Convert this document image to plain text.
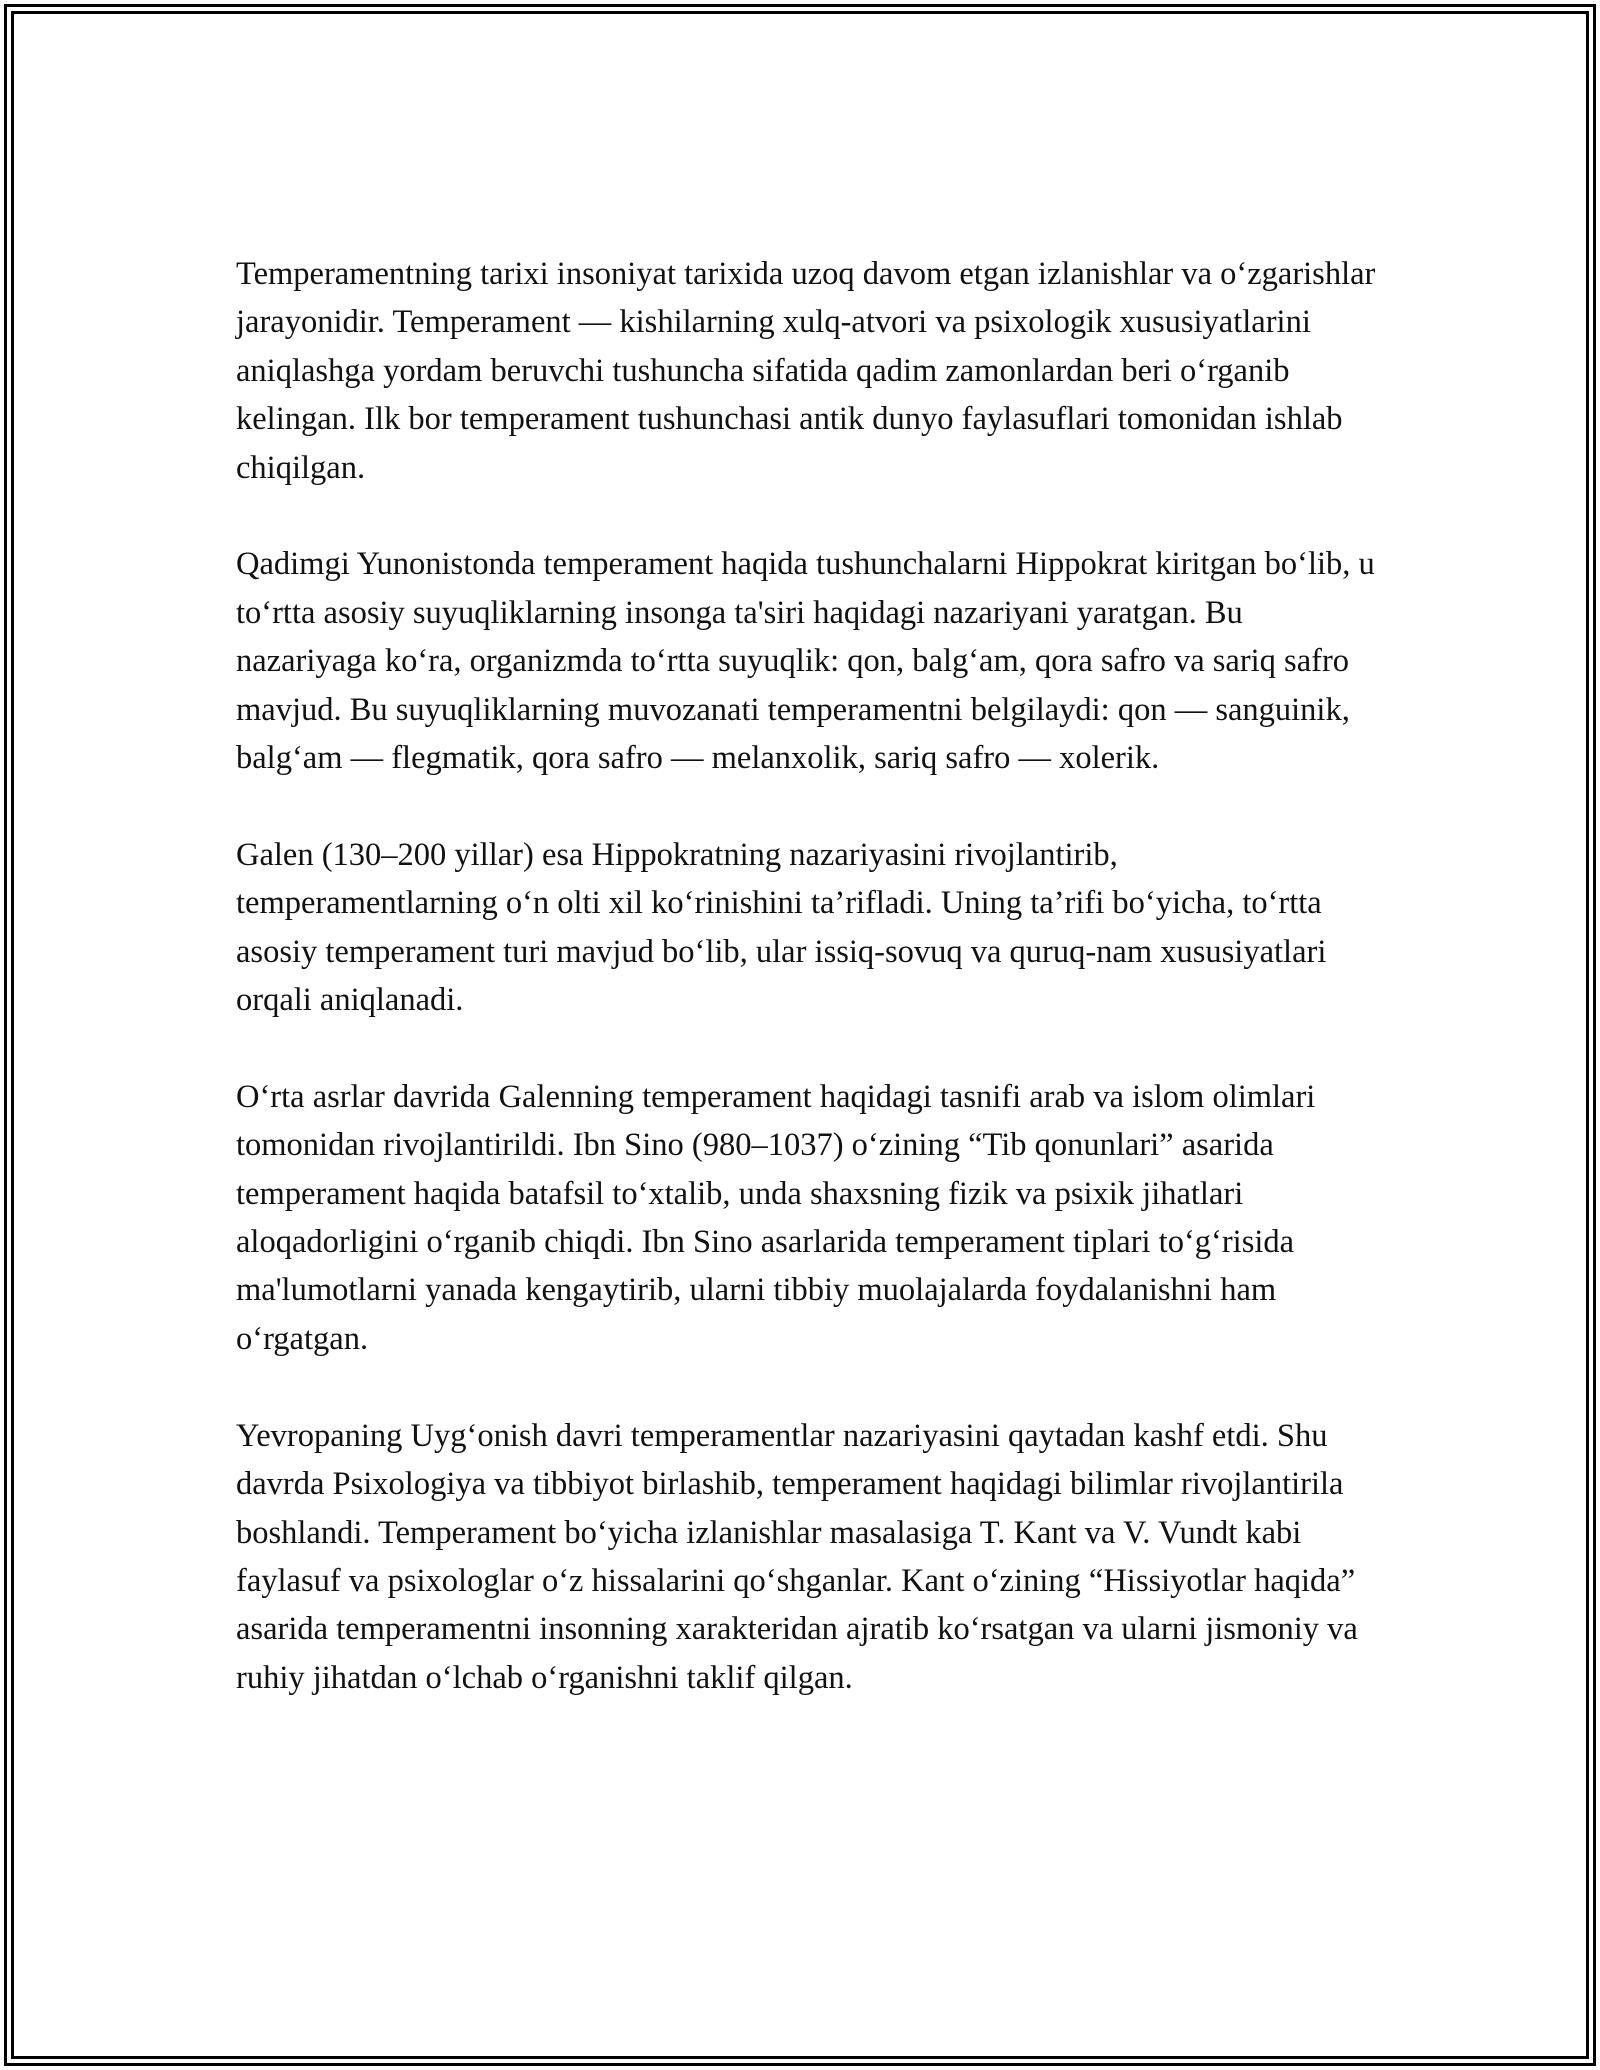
Temperamentning tarixi insoniyat tarixida uzoq davom etgan izlanishlar va o‘zgarishlar jarayonidir. Temperament — kishilarning xulq-atvori va psixologik xususiyatlarini aniqlashga yordam beruvchi tushuncha sifatida qadim zamonlardan beri o‘rganib kelingan. Ilk bor temperament tushunchasi antik dunyo faylasuflari tomonidan ishlab chiqilgan.

Qadimgi Yunonistonda temperament haqida tushunchalarni Hippokrat kiritgan bo‘lib, u to‘rtta asosiy suyuqliklarning insonga ta'siri haqidagi nazariyani yaratgan. Bu nazariyaga ko‘ra, organizmda to‘rtta suyuqlik: qon, balg‘am, qora safro va sariq safro mavjud. Bu suyuqliklarning muvozanati temperamentni belgilaydi: qon — sanguinik, balg‘am — flegmatik, qora safro — melanxolik, sariq safro — xolerik.

Galen (130–200 yillar) esa Hippokratning nazariyasini rivojlantirib, temperamentlarning o‘n olti xil ko‘rinishini ta’rifladi. Uning ta’rifi bo‘yicha, to‘rtta asosiy temperament turi mavjud bo‘lib, ular issiq-sovuq va quruq-nam xususiyatlari orqali aniqlanadi.

O‘rta asrlar davrida Galenning temperament haqidagi tasnifi arab va islom olimlari tomonidan rivojlantirildi. Ibn Sino (980–1037) o‘zining “Tib qonunlari” asarida temperament haqida batafsil to‘xtalib, unda shaxsning fizik va psixik jihatlari aloqadorligini o‘rganib chiqdi. Ibn Sino asarlarida temperament tiplari to‘g‘risida ma'lumotlarni yanada kengaytirib, ularni tibbiy muolajalarda foydalanishni ham o‘rgatgan.

Yevropaning Uyg‘onish davri temperamentlar nazariyasini qaytadan kashf etdi. Shu davrda Psixologiya va tibbiyot birlashib, temperament haqidagi bilimlar rivojlantirila boshlandi. Temperament bo‘yicha izlanishlar masalasiga T. Kant va V. Vundt kabi faylasuf va psixologlar o‘z hissalarini qo‘shganlar. Kant o‘zining “Hissiyotlar haqida” asarida temperamentni insonning xarakteridan ajratib ko‘rsatgan va ularni jismoniy va ruhiy jihatdan o‘lchab o‘rganishni taklif qilgan.
